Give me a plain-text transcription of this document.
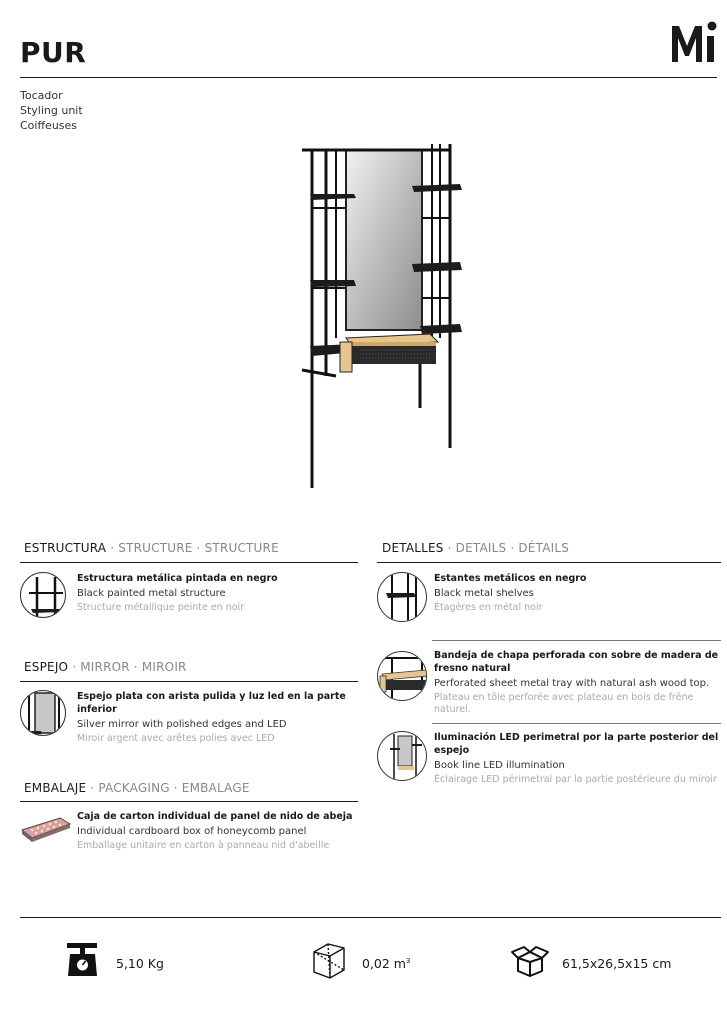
PUR
Tocador
Styling unit
Coiffeuses
ESTRUCTURA · STRUCTURE · STRUCTURE
Estructura metálica pintada en negro
Black painted metal structure
Structure métallique peinte en noir
ESPEJO · MIRROR · MIROIR
Espejo plata con arista pulida y luz led en la parte inferior
Silver mirror with polished edges and LED
Miroir argent avec arêtes polies avec LED
EMBALAJE · PACKAGING · EMBALAGE
Caja de carton individual de panel de nido de abeja
Individual cardboard box of honeycomb panel
Emballage unitaire en carton à panneau nid d'abeille
DETALLES · DETAILS · DÉTAILS
Estantes metálicos en negro
Black metal shelves
Étagères en métal noir
Bandeja de chapa perforada con sobre de madera de fresno natural
Perforated sheet metal tray with natural ash wood top.
Plateau en tôle perforée avec plateau en bois de frêne naturel.
Iluminación LED perimetral por la parte posterior del espejo
Book line LED illumination
Éclairage LED périmetral par la partie postérieure du miroir
5,10 Kg	0,02 $m^3$	61,5x26,5x15 cm
